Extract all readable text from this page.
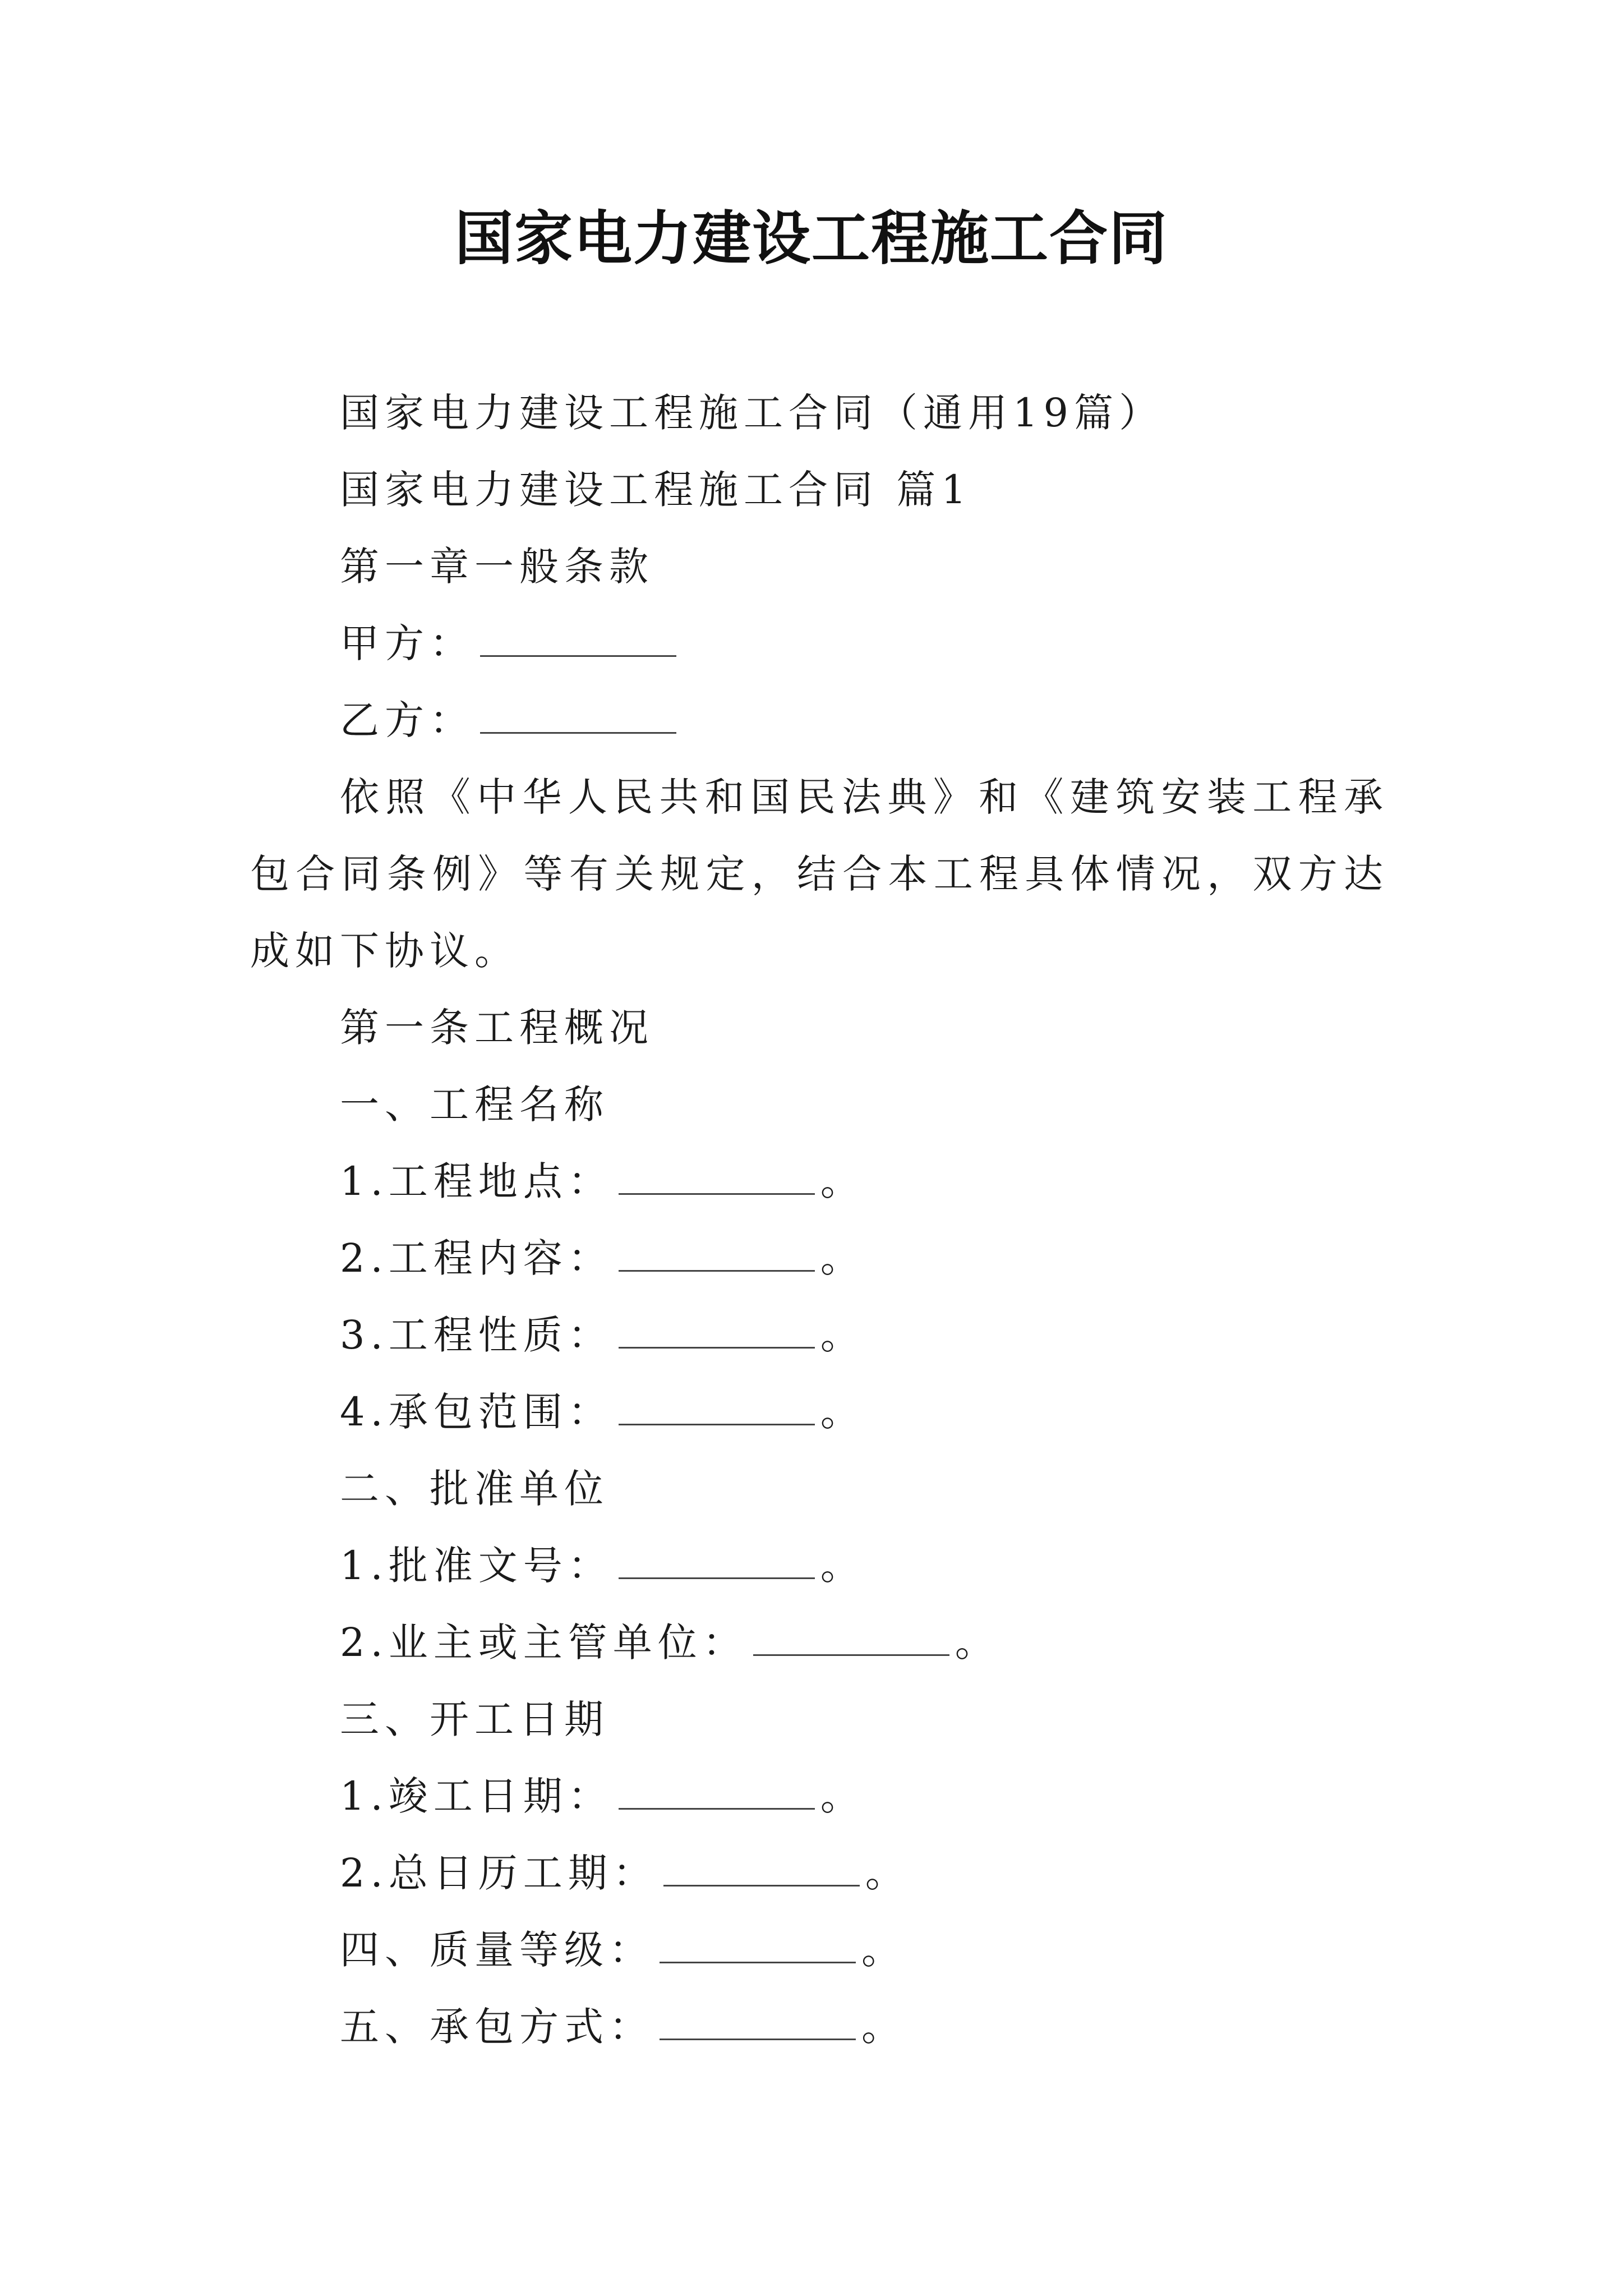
国家电力建设工程施工合同

国家电力建设工程施工合同（通用19篇）

国家电力建设工程施工合同 篇1

第一章一般条款

甲方：

乙方：

依照《中华人民共和国民法典》和《建筑安装工程承包合同条例》等有关规定，结合本工程具体情况，双方达成如下协议。

第一条工程概况

一、工程名称

1.工程地点：	。

2.工程内容：	。

3.工程性质：	。

4.承包范围：	。

二、批准单位

1.批准文号：	。

2.业主或主管单位：	。

三、开工日期

1.竣工日期：	。

2.总日历工期：	。

四、质量等级：	。

五、承包方式：	。
